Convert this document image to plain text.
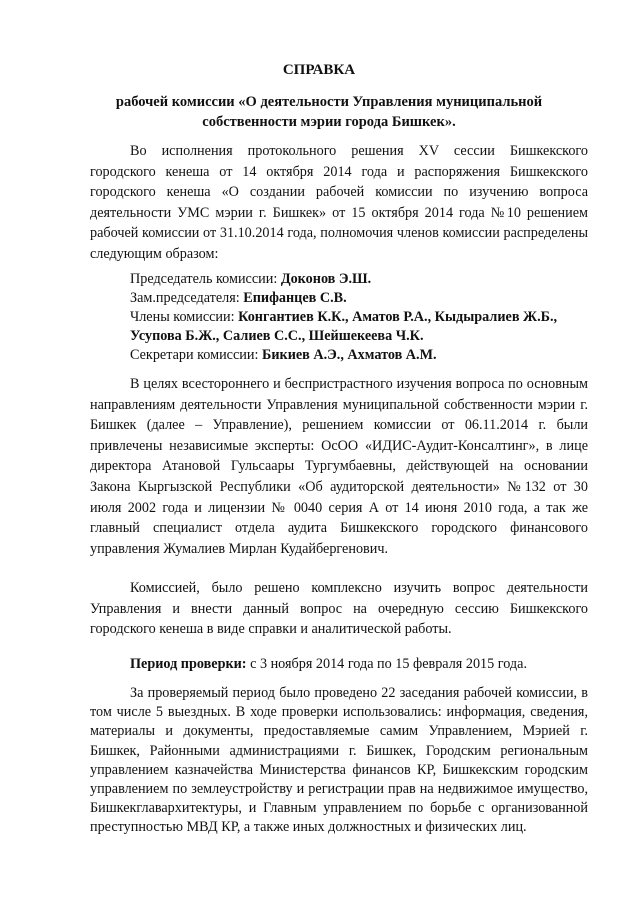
СПРАВКА
рабочей комиссии «О деятельности Управления муниципальной
собственности мэрии города Бишкек».
Во исполнения протокольного решения XV сессии Бишкекского городского кенеша от 14 октября 2014 года и распоряжения Бишкекского городского кенеша «О создании рабочей комиссии по изучению вопроса деятельности УМС мэрии г. Бишкек» от 15 октября 2014 года №10 решением рабочей комиссии от 31.10.2014 года, полномочия членов комиссии распределены следующим образом:
Председатель комиссии: Доконов Э.Ш.
Зам.председателя: Епифанцев С.В.
Члены комиссии: Конгантиев К.К., Аматов Р.А., Кыдыралиев Ж.Б., Усупова Б.Ж., Салиев С.С., Шейшекеева Ч.К.
Секретари комиссии: Бикиев А.Э., Ахматов А.М.
В целях всестороннего и беспристрастного изучения вопроса по основным направлениям деятельности Управления муниципальной собственности мэрии г. Бишкек (далее – Управление), решением комиссии от 06.11.2014 г. были привлечены независимые эксперты: ОсОО «ИДИС-Аудит-Консалтинг», в лице директора Атановой Гульсаары Тургумбаевны, действующей на основании Закона Кыргызской Республики «Об аудиторской деятельности» №132 от 30 июля 2002 года и лицензии № 0040 серия А от 14 июня 2010 года, а так же главный специалист отдела аудита Бишкекского городского финансового управления Жумалиев Мирлан Кудайбергенович.
Комиссией, было решено комплексно изучить вопрос деятельности Управления и внести данный вопрос на очередную сессию Бишкекского городского кенеша в виде справки и аналитической работы.
Период проверки: с 3 ноября 2014 года по 15 февраля 2015 года.
За проверяемый период было проведено 22 заседания рабочей комиссии, в том числе 5 выездных. В ходе проверки использовались: информация, сведения, материалы и документы, предоставляемые самим Управлением, Мэрией г. Бишкек, Районными администрациями г. Бишкек, Городским региональным управлением казначейства Министерства финансов КР, Бишкекским городским управлением по землеустройству и регистрации прав на недвижимое имущество, Бишкекглавархитектуры, и Главным управлением по борьбе с организованной преступностью МВД КР, а также иных должностных и физических лиц.
